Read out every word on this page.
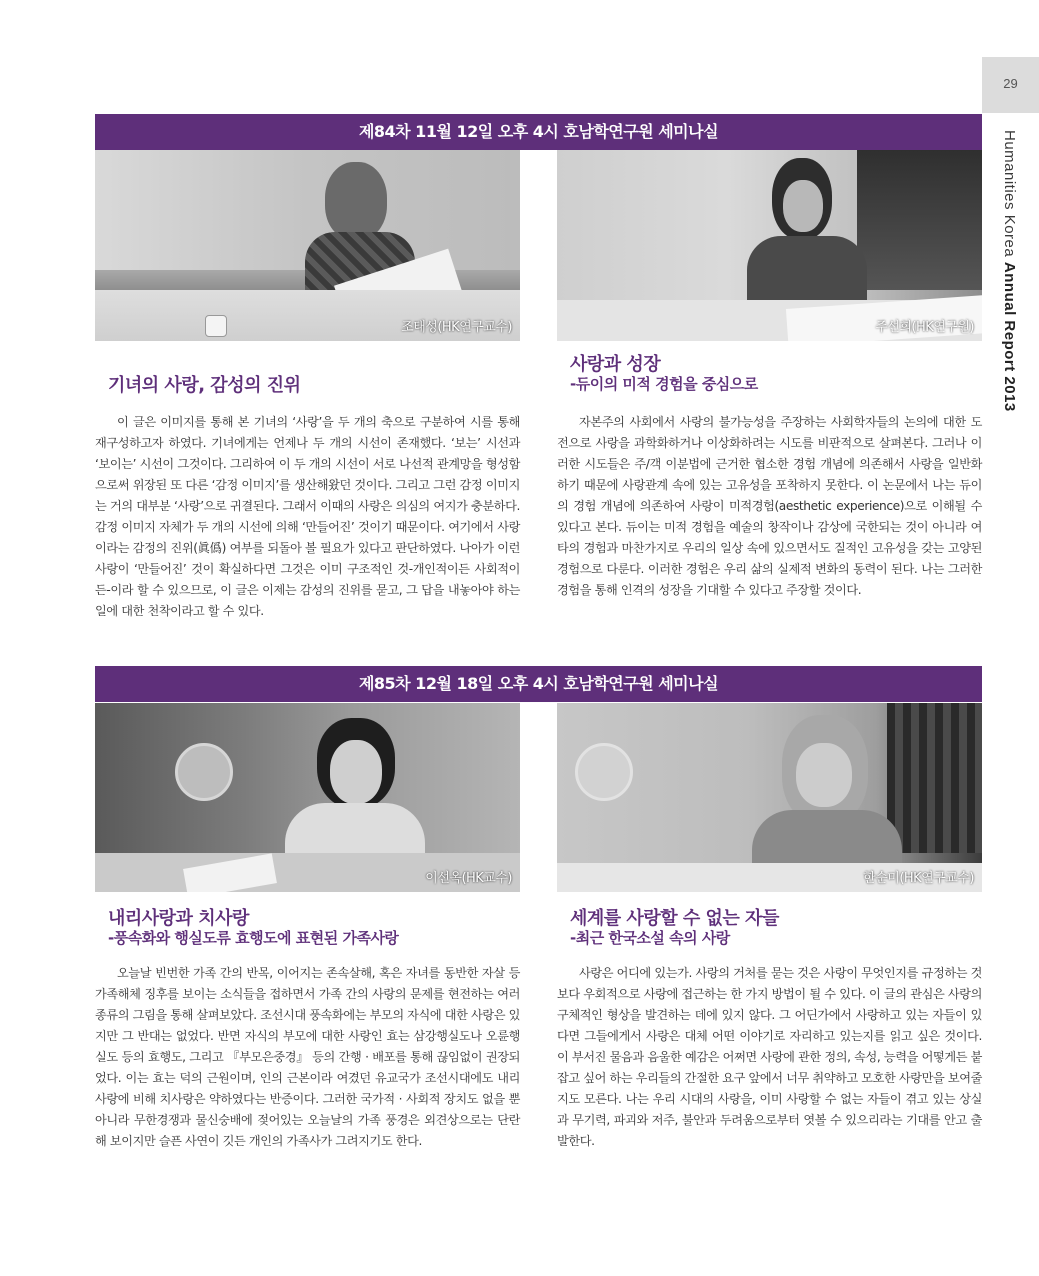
29
Humanities Korea Annual Report 2013
제84차 11월 12일 오후 4시 호남학연구원 세미나실
조태성(HK연구교수)	주선희(HK연구원)
기녀의 사랑, 감성의 진위
이 글은 이미지를 통해 본 기녀의 ‘사랑’을 두 개의 축으로 구분하여 시를 통해 재구성하고자 하였다. 기녀에게는 언제나 두 개의 시선이 존재했다. ‘보는’ 시선과 ‘보이는’ 시선이 그것이다. 그리하여 이 두 개의 시선이 서로 나선적 관계망을 형성함으로써 위장된 또 다른 ‘감정 이미지’를 생산해왔던 것이다. 그리고 그런 감정 이미지는 거의 대부분 ‘사랑’으로 귀결된다. 그래서 이때의 사랑은 의심의 여지가 충분하다. 감정 이미지 자체가 두 개의 시선에 의해 ‘만들어진’ 것이기 때문이다. 여기에서 사랑이라는 감정의 진위(眞僞) 여부를 되돌아 볼 필요가 있다고 판단하였다. 나아가 이런 사랑이 ‘만들어진’ 것이 확실하다면 그것은 이미 구조적인 것-개인적이든 사회적이든-이라 할 수 있으므로, 이 글은 이제는 감성의 진위를 묻고, 그 답을 내놓아야 하는 일에 대한 천착이라고 할 수 있다.
사랑과 성장
-듀이의 미적 경험을 중심으로
자본주의 사회에서 사랑의 불가능성을 주장하는 사회학자들의 논의에 대한 도전으로 사랑을 과학화하거나 이상화하려는 시도를 비판적으로 살펴본다. 그러나 이러한 시도들은 주/객 이분법에 근거한 협소한 경험 개념에 의존해서 사랑을 일반화하기 때문에 사랑관계 속에 있는 고유성을 포착하지 못한다. 이 논문에서 나는 듀이의 경험 개념에 의존하여 사랑이 미적경험(aesthetic experience)으로 이해될 수 있다고 본다. 듀이는 미적 경험을 예술의 창작이나 감상에 국한되는 것이 아니라 여타의 경험과 마찬가지로 우리의 일상 속에 있으면서도 질적인 고유성을 갖는 고양된 경험으로 다룬다. 이러한 경험은 우리 삶의 실제적 변화의 동력이 된다. 나는 그러한 경험을 통해 인격의 성장을 기대할 수 있다고 주장할 것이다.
제85차 12월 18일 오후 4시 호남학연구원 세미나실
이선옥(HK교수)	한순미(HK연구교수)
내리사랑과 치사랑
-풍속화와 행실도류 효행도에 표현된 가족사랑
오늘날 빈번한 가족 간의 반목, 이어지는 존속살해, 혹은 자녀를 동반한 자살 등 가족해체 징후를 보이는 소식들을 접하면서 가족 간의 사랑의 문제를 현전하는 여러 종류의 그림을 통해 살펴보았다. 조선시대 풍속화에는 부모의 자식에 대한 사랑은 있지만 그 반대는 없었다. 반면 자식의 부모에 대한 사랑인 효는 삼강행실도나 오륜행실도 등의 효행도, 그리고 『부모은중경』 등의 간행 · 배포를 통해 끊임없이 권장되었다. 이는 효는 덕의 근원이며, 인의 근본이라 여겼던 유교국가 조선시대에도 내리사랑에 비해 치사랑은 약하였다는 반증이다. 그러한 국가적 · 사회적 장치도 없을 뿐 아니라 무한경쟁과 물신숭배에 젖어있는 오늘날의 가족 풍경은 외견상으로는 단란해 보이지만 슬픈 사연이 깃든 개인의 가족사가 그려지기도 한다.
세계를 사랑할 수 없는 자들
-최근 한국소설 속의 사랑
사랑은 어디에 있는가. 사랑의 거처를 묻는 것은 사랑이 무엇인지를 규정하는 것보다 우회적으로 사랑에 접근하는 한 가지 방법이 될 수 있다. 이 글의 관심은 사랑의 구체적인 형상을 발견하는 데에 있지 않다. 그 어딘가에서 사랑하고 있는 자들이 있다면 그들에게서 사랑은 대체 어떤 이야기로 자리하고 있는지를 읽고 싶은 것이다. 이 부서진 물음과 음울한 예감은 어쩌면 사랑에 관한 정의, 속성, 능력을 어떻게든 붙잡고 싶어 하는 우리들의 간절한 요구 앞에서 너무 취약하고 모호한 사랑만을 보여줄 지도 모른다. 나는 우리 시대의 사랑을, 이미 사랑할 수 없는 자들이 겪고 있는 상실과 무기력, 파괴와 저주, 불안과 두려움으로부터 엿볼 수 있으리라는 기대를 안고 출발한다.
